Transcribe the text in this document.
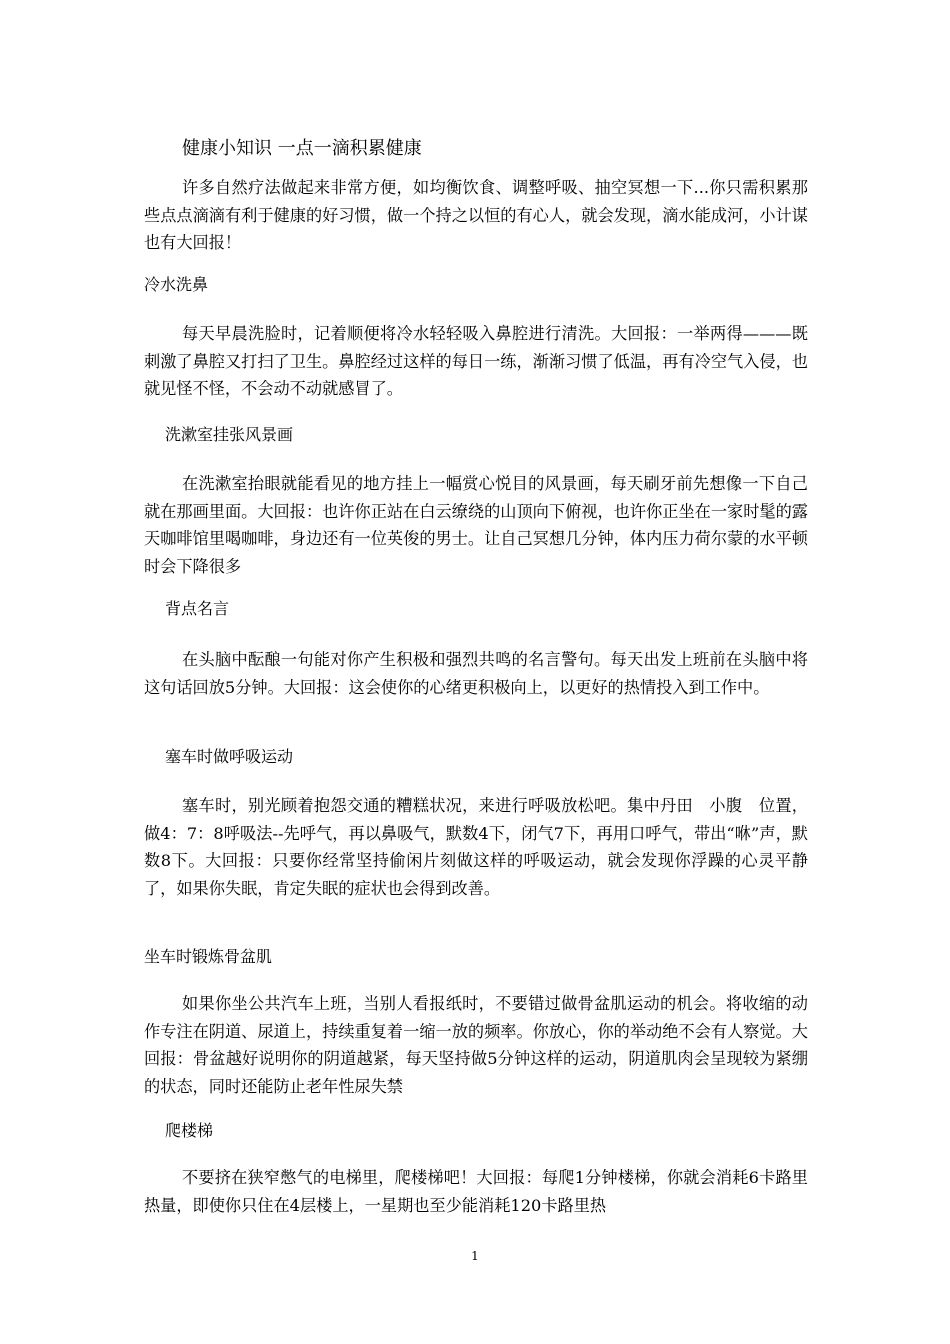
健康小知识 一点一滴积累健康

许多自然疗法做起来非常方便，如均衡饮食、调整呼吸、抽空冥想一下...你只需积累那些点点滴滴有利于健康的好习惯，做一个持之以恒的有心人，就会发现，滴水能成河，小计谋也有大回报！

冷水洗鼻

每天早晨洗脸时，记着顺便将冷水轻轻吸入鼻腔进行清洗。大回报：一举两得———既刺激了鼻腔又打扫了卫生。鼻腔经过这样的每日一练，渐渐习惯了低温，再有冷空气入侵，也就见怪不怪，不会动不动就感冒了。

洗漱室挂张风景画

在洗漱室抬眼就能看见的地方挂上一幅赏心悦目的风景画，每天刷牙前先想像一下自己就在那画里面。大回报：也许你正站在白云缭绕的山顶向下俯视，也许你正坐在一家时髦的露天咖啡馆里喝咖啡，身边还有一位英俊的男士。让自己冥想几分钟，体内压力荷尔蒙的水平顿时会下降很多

背点名言

在头脑中酝酿一句能对你产生积极和强烈共鸣的名言警句。每天出发上班前在头脑中将这句话回放5分钟。大回报：这会使你的心绪更积极向上，以更好的热情投入到工作中。

塞车时做呼吸运动

塞车时，别光顾着抱怨交通的糟糕状况，来进行呼吸放松吧。集中丹田　小腹　位置，做4：7：8呼吸法--先呼气，再以鼻吸气，默数4下，闭气7下，再用口呼气，带出“咻”声，默数8下。大回报：只要你经常坚持偷闲片刻做这样的呼吸运动，就会发现你浮躁的心灵平静了，如果你失眠，肯定失眠的症状也会得到改善。

坐车时锻炼骨盆肌

如果你坐公共汽车上班，当别人看报纸时，不要错过做骨盆肌运动的机会。将收缩的动作专注在阴道、尿道上，持续重复着一缩一放的频率。你放心，你的举动绝不会有人察觉。大回报：骨盆越好说明你的阴道越紧，每天坚持做5分钟这样的运动，阴道肌肉会呈现较为紧绷的状态，同时还能防止老年性尿失禁

爬楼梯

不要挤在狭窄憋气的电梯里，爬楼梯吧！大回报：每爬1分钟楼梯，你就会消耗6卡路里热量，即使你只住在4层楼上，一星期也至少能消耗120卡路里热

1
